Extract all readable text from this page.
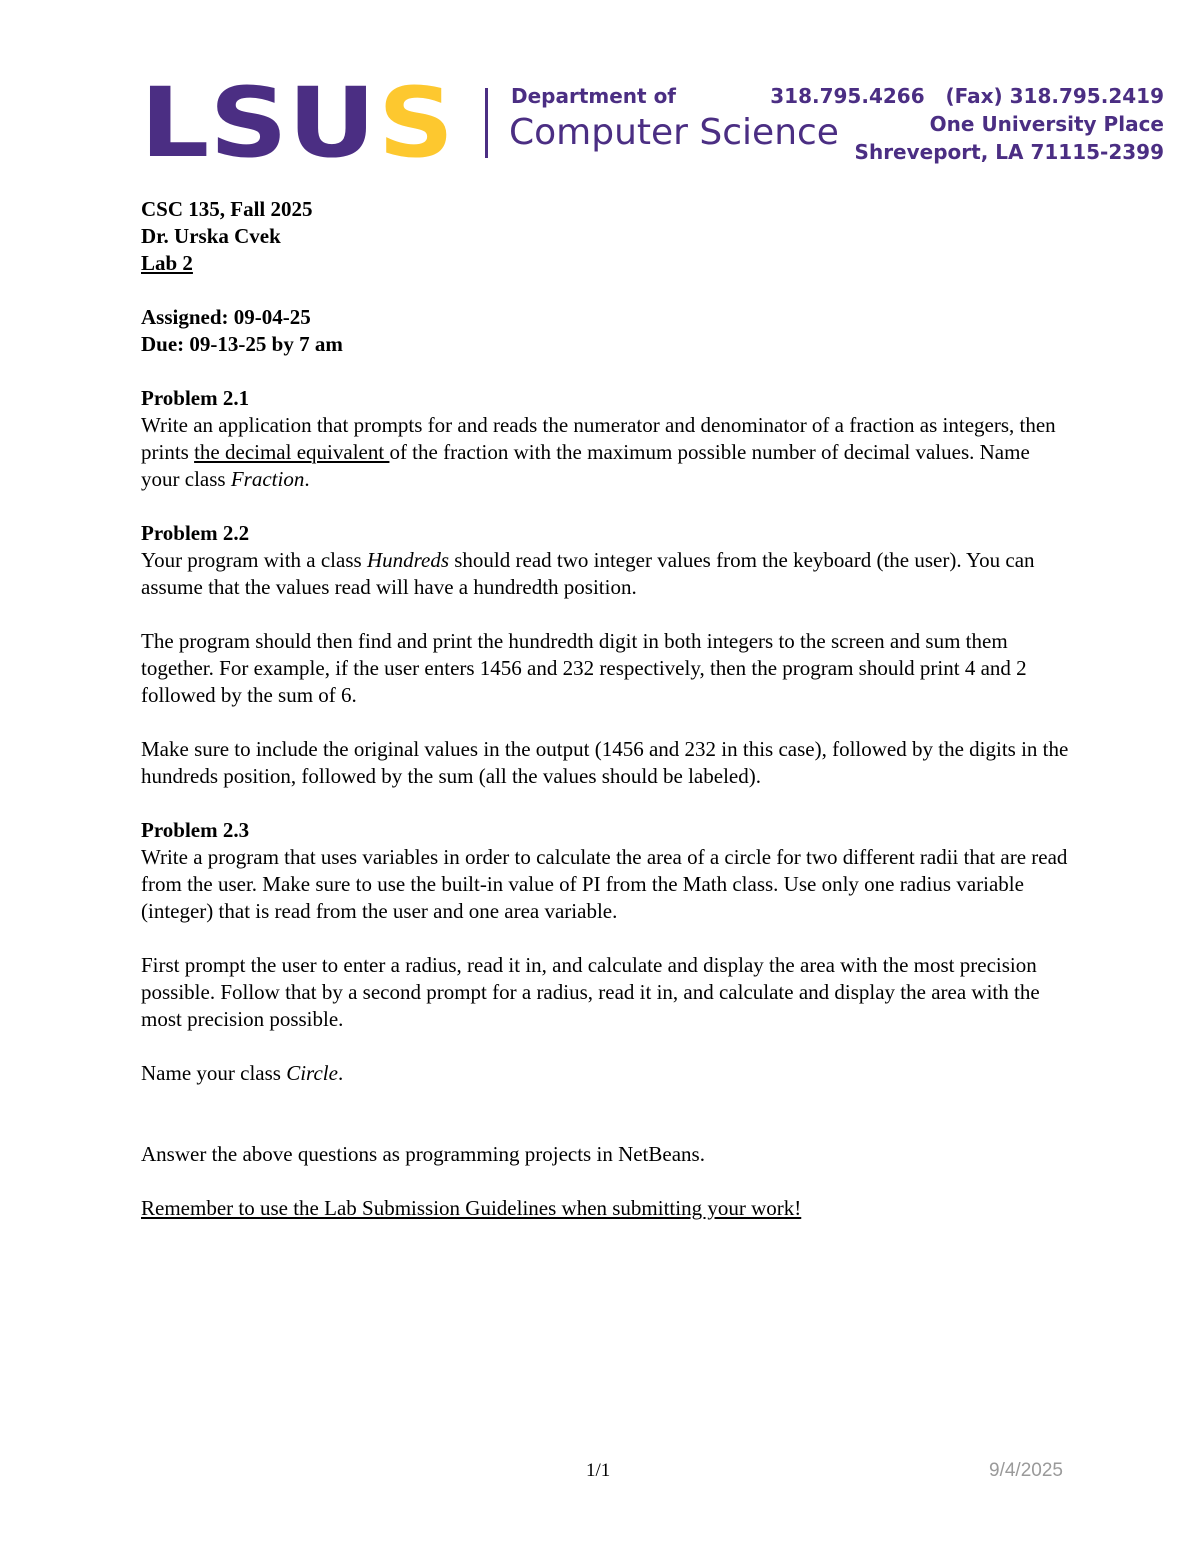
LSU S	Department of
Computer Science
318.795.4266 (Fax) 318.795.2419
One University Place
Shreveport, LA 71115-2399

CSC 135, Fall 2025

Dr. Urska Cvek

Lab 2

Assigned: 09-04-25

Due: 09-13-25 by 7 am

Problem 2.1

Write an application that prompts for and reads the numerator and denominator of a fraction as integers, then prints the decimal equivalent of the fraction with the maximum possible number of decimal values. Name your class Fraction.

Problem 2.2

Your program with a class Hundreds should read two integer values from the keyboard (the user). You can assume that the values read will have a hundredth position.

The program should then find and print the hundredth digit in both integers to the screen and sum them together. For example, if the user enters 1456 and 232 respectively, then the program should print 4 and 2 followed by the sum of 6.

Make sure to include the original values in the output (1456 and 232 in this case), followed by the digits in the hundreds position, followed by the sum (all the values should be labeled).

Problem 2.3

Write a program that uses variables in order to calculate the area of a circle for two different radii that are read from the user. Make sure to use the built-in value of PI from the Math class. Use only one radius variable (integer) that is read from the user and one area variable.

First prompt the user to enter a radius, read it in, and calculate and display the area with the most precision possible. Follow that by a second prompt for a radius, read it in, and calculate and display the area with the most precision possible.

Name your class Circle.

Answer the above questions as programming projects in NetBeans.

Remember to use the Lab Submission Guidelines when submitting your work!

1/1	9/4/2025
